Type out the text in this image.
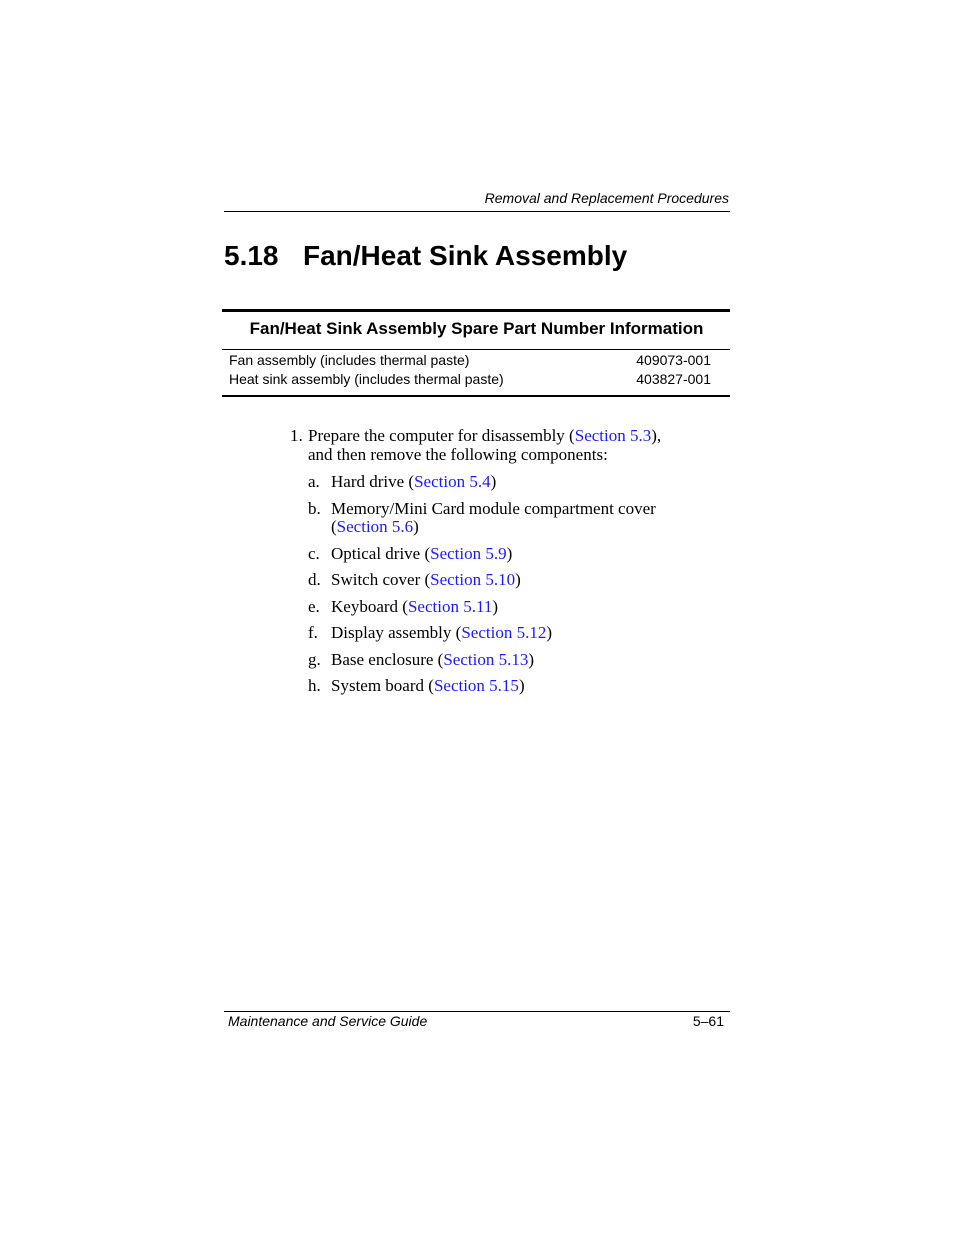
Removal and Replacement Procedures
5.18 Fan/Heat Sink Assembly
Fan/Heat Sink Assembly Spare Part Number Information
Fan assembly (includes thermal paste)	409073-001
Heat sink assembly (includes thermal paste)	403827-001
1. Prepare the computer for disassembly (Section 5.3),
and then remove the following components:
a. Hard drive (Section 5.4)
b. Memory/Mini Card module compartment cover
(Section 5.6)
c. Optical drive (Section 5.9)
d. Switch cover (Section 5.10)
e. Keyboard (Section 5.11)
f. Display assembly (Section 5.12)
g. Base enclosure (Section 5.13)
h. System board (Section 5.15)
Maintenance and Service Guide	5–61
